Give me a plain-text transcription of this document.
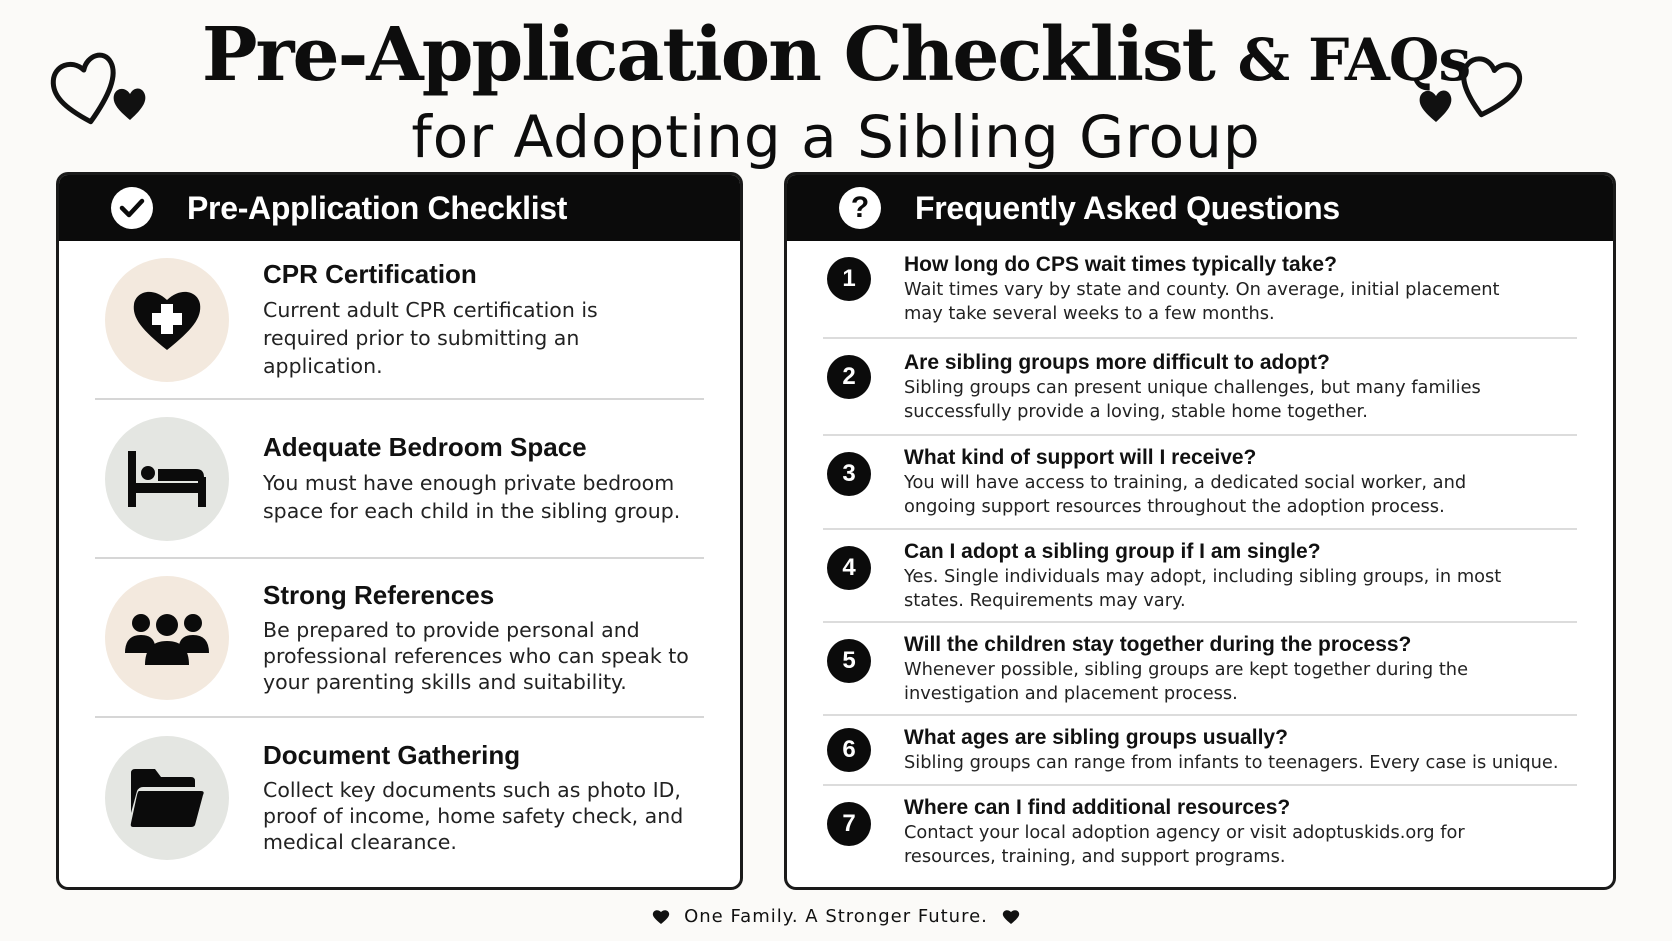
Pre-Application Checklist & FAQs
for Adopting a Sibling Group
Pre-Application Checklist
CPR Certification
Current adult CPR certification is
required prior to submitting an application.
Adequate Bedroom Space
You must have enough private bedroom
space for each child in the sibling group.
Strong References
Be prepared to provide personal and
professional references who can speak to
your parenting skills and suitability.
Document Gathering
Collect key documents such as photo ID,
proof of income, home safety check, and
medical clearance.
? Frequently Asked Questions
1
How long do CPS wait times typically take?
Wait times vary by state and county. On average, initial placement
may take several weeks to a few months.
2
Are sibling groups more difficult to adopt?
Sibling groups can present unique challenges, but many families
successfully provide a loving, stable home together.
3
What kind of support will I receive?
You will have access to training, a dedicated social worker, and
ongoing support resources throughout the adoption process.
4
Can I adopt a sibling group if I am single?
Yes. Single individuals may adopt, including sibling groups, in most
states. Requirements may vary.
5
Will the children stay together during the process?
Whenever possible, sibling groups are kept together during the
investigation and placement process.
6	What ages are sibling groups usually?
Sibling groups can range from infants to teenagers. Every case is unique.
7
Where can I find additional resources?
Contact your local adoption agency or visit adoptuskids.org for
resources, training, and support programs.
One Family. A Stronger Future.
